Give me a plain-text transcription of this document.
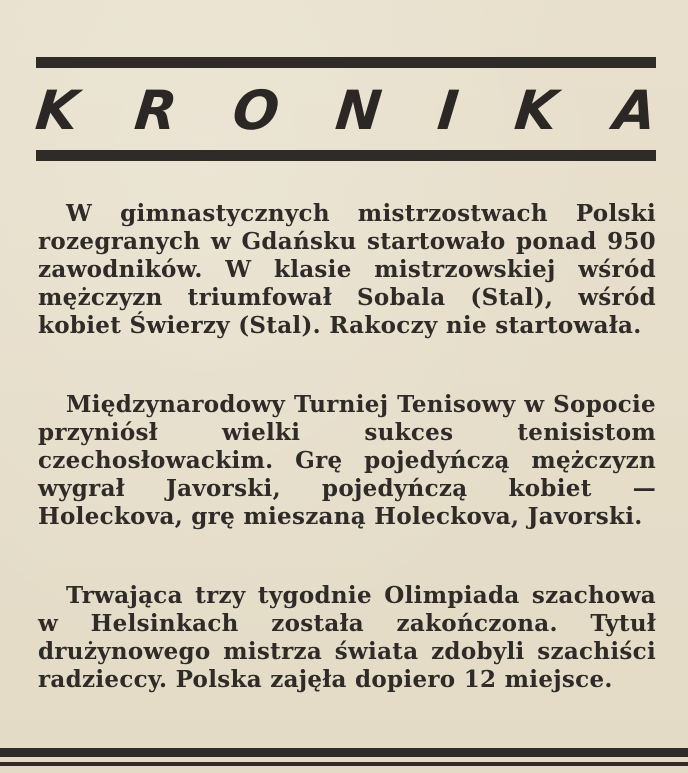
K R O N I K A

W gimnastycznych mistrzostwach Polski rozegranych w Gdańsku startowało ponad 950 zawodników. W klasie mistrzowskiej wśród mężczyzn triumfował Sobala (Stal), wśród kobiet Świerzy (Stal). Rakoczy nie startowała.

Międzynarodowy Turniej Tenisowy w Sopocie przyniósł wielki sukces tenisistom czechosłowackim. Grę pojedyńczą mężczyzn wygrał Javorski, pojedyńczą kobiet — Holeckova, grę mieszaną Holeckova, Javorski.

Trwająca trzy tygodnie Olimpiada szachowa w Helsinkach została zakończona. Tytuł drużynowego mistrza świata zdobyli szachiści radzieccy. Polska zajęła dopiero 12 miejsce.
